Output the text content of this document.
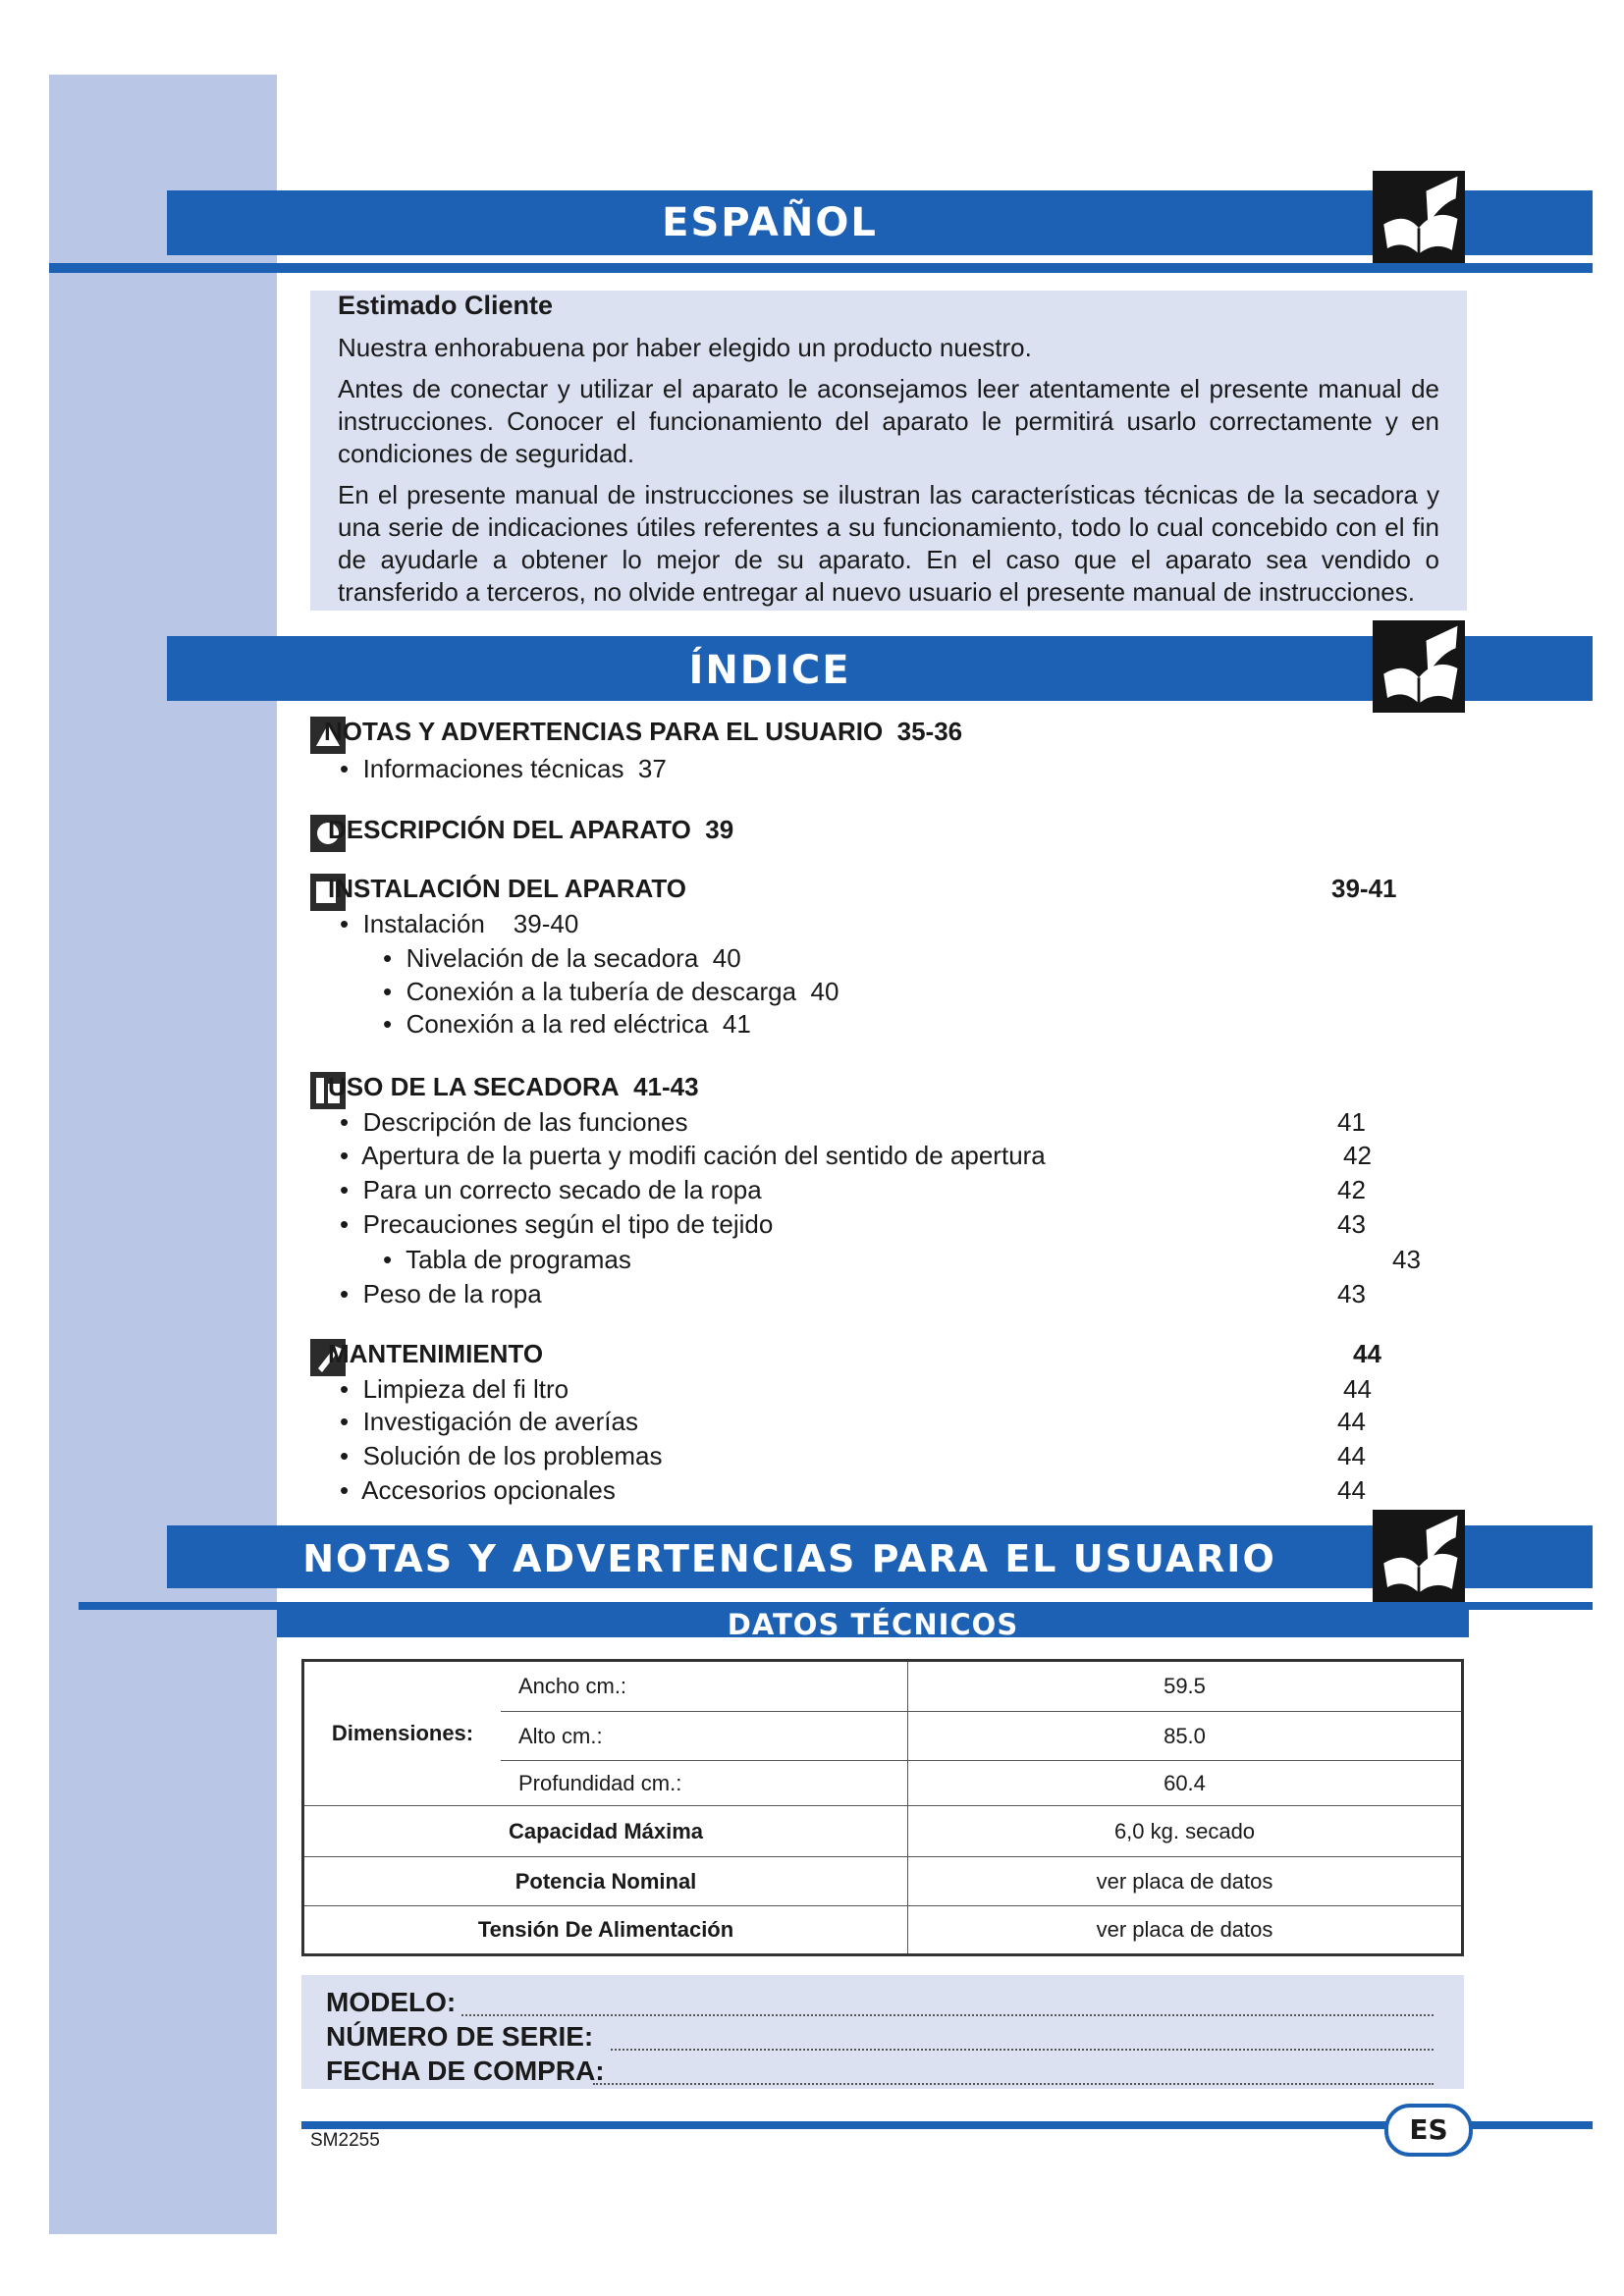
ESPAÑOL	35
Estimado Cliente
Nuestra enhorabuena por haber elegido un producto nuestro.
Antes de conectar y utilizar el aparato le aconsejamos leer atentamente el presente manual de instrucciones. Conocer el funcionamiento del aparato le permitirá usarlo correctamente y en condiciones de seguridad.
En el presente manual de instrucciones se ilustran las características técnicas de la secadora y una serie de indicaciones útiles referentes a su funcionamiento, todo lo cual concebido con el fin de ayudarle a obtener lo mejor de su aparato. En el caso que el aparato sea vendido o transferido a terceros, no olvide entregar al nuevo usuario el presente manual de instrucciones.
ÍNDICE
NOTAS Y ADVERTENCIAS PARA EL USUARIO 35-36
•  Informaciones técnicas 37
DESCRIPCIÓN DEL APARATO 39
INSTALACIÓN DEL APARATO	39-41
•  Instalación 39-40
•  Nivelación de la secadora 40
•  Conexión a la tubería de descarga 40
•  Conexión a la red eléctrica 41
USO DE LA SECADORA 41-43
•  Descripción de las funciones	41
•  Apertura de la puerta y modifi cación del sentido de apertura	42
•  Para un correcto secado de la ropa	42
•  Precauciones según el tipo de tejido	43
•  Tabla de programas	43
•  Peso de la ropa	43
MANTENIMIENTO	44
•  Limpieza del fi ltro	44
•  Investigación de averías	44
•  Solución de los problemas	44
•  Accesorios opcionales	44
NOTAS Y ADVERTENCIAS PARA EL USUARIO
DATOS TÉCNICOS
Dimensiones:	Ancho cm.:	59.5
	Alto cm.:	85.0
	Profundidad cm.:	60.4
Capacidad Máxima		6,0 kg. secado
Potencia Nominal		ver placa de datos
Tensión De Alimentación		ver placa de datos
MODELO:
NÚMERO DE SERIE:
FECHA DE COMPRA:
ES
SM2255
